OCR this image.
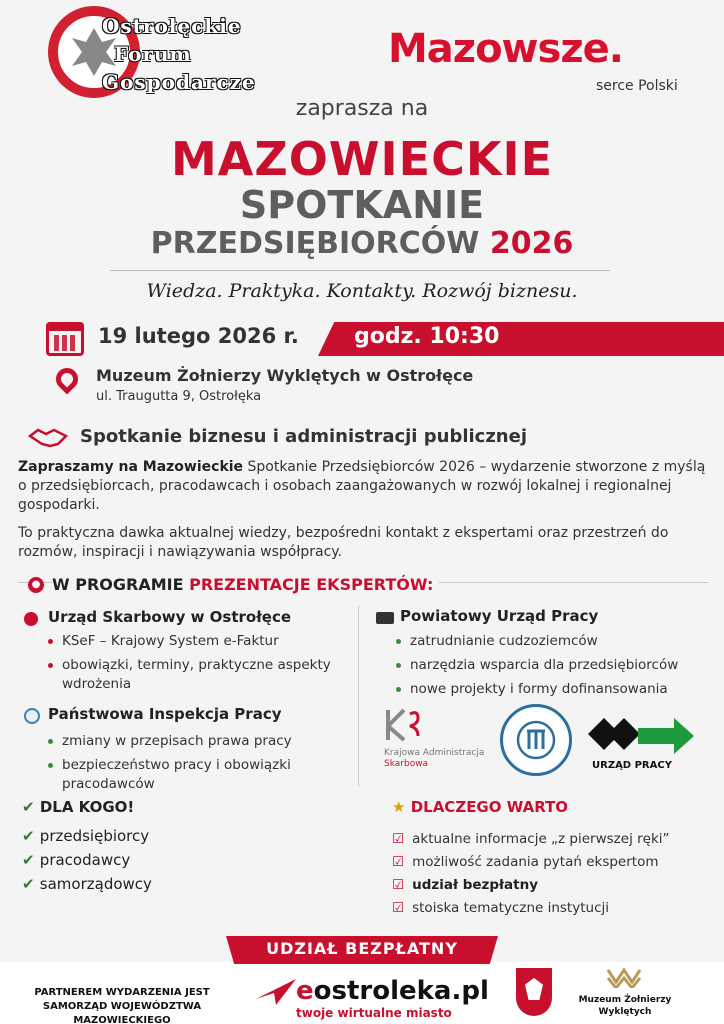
Ostrołęckie
Forum
Gospodarcze
Mazowsze.
serce Polski
zaprasza na
MAZOWIECKIE
SPOTKANIE
PRZEDSIĘBIORCÓW 2026
Wiedza. Praktyka. Kontakty. Rozwój biznesu.
19 lutego 2026 r.	godz. 10:30
Muzeum Żołnierzy Wyklętych w Ostrołęce
ul. Traugutta 9, Ostrołęka
Spotkanie biznesu i administracji publicznej
Zapraszamy na Mazowieckie Spotkanie Przedsiębiorców 2026 – wydarzenie stworzone z myślą o przedsiębiorcach, pracodawcach i osobach zaangażowanych w rozwój lokalnej i regionalnej gospodarki.
To praktyczna dawka aktualnej wiedzy, bezpośredni kontakt z ekspertami oraz przestrzeń do rozmów, inspiracji i nawiązywania współpracy.
● W PROGRAMIE PREZENTACJE EKSPERTÓW:
Urząd Skarbowy w Ostrołęce
KSeF – Krajowy System e-Faktur
obowiązki, terminy, praktyczne aspekty wdrożenia
Państwowa Inspekcja Pracy
zmiany w przepisach prawa pracy
bezpieczeństwo pracy i obowiązki pracodawców
Powiatowy Urząd Pracy
zatrudnianie cudzoziemców
narzędzia wsparcia dla przedsiębiorców
nowe projekty i formy dofinansowania
Krajowa Administracja
Skarbowa	URZĄD PRACY
✔ DLA KOGO!
✔ przedsiębiorcy
✔ pracodawcy
✔ samorządowcy
★ DLACZEGO WARTO
☑ aktualne informacje „z pierwszej ręki”
☑ możliwość zadania pytań ekspertom
☑ udział bezpłatny
☑ stoiska tematyczne instytucji
UDZIAŁ BEZPŁATNY
PARTNEREM WYDARZENIA JEST SAMORZĄD WOJEWÓDZTWA MAZOWIECKIEGO
eostroleka.pl
twoje wirtualne miasto
Muzeum Żołnierzy Wyklętych
